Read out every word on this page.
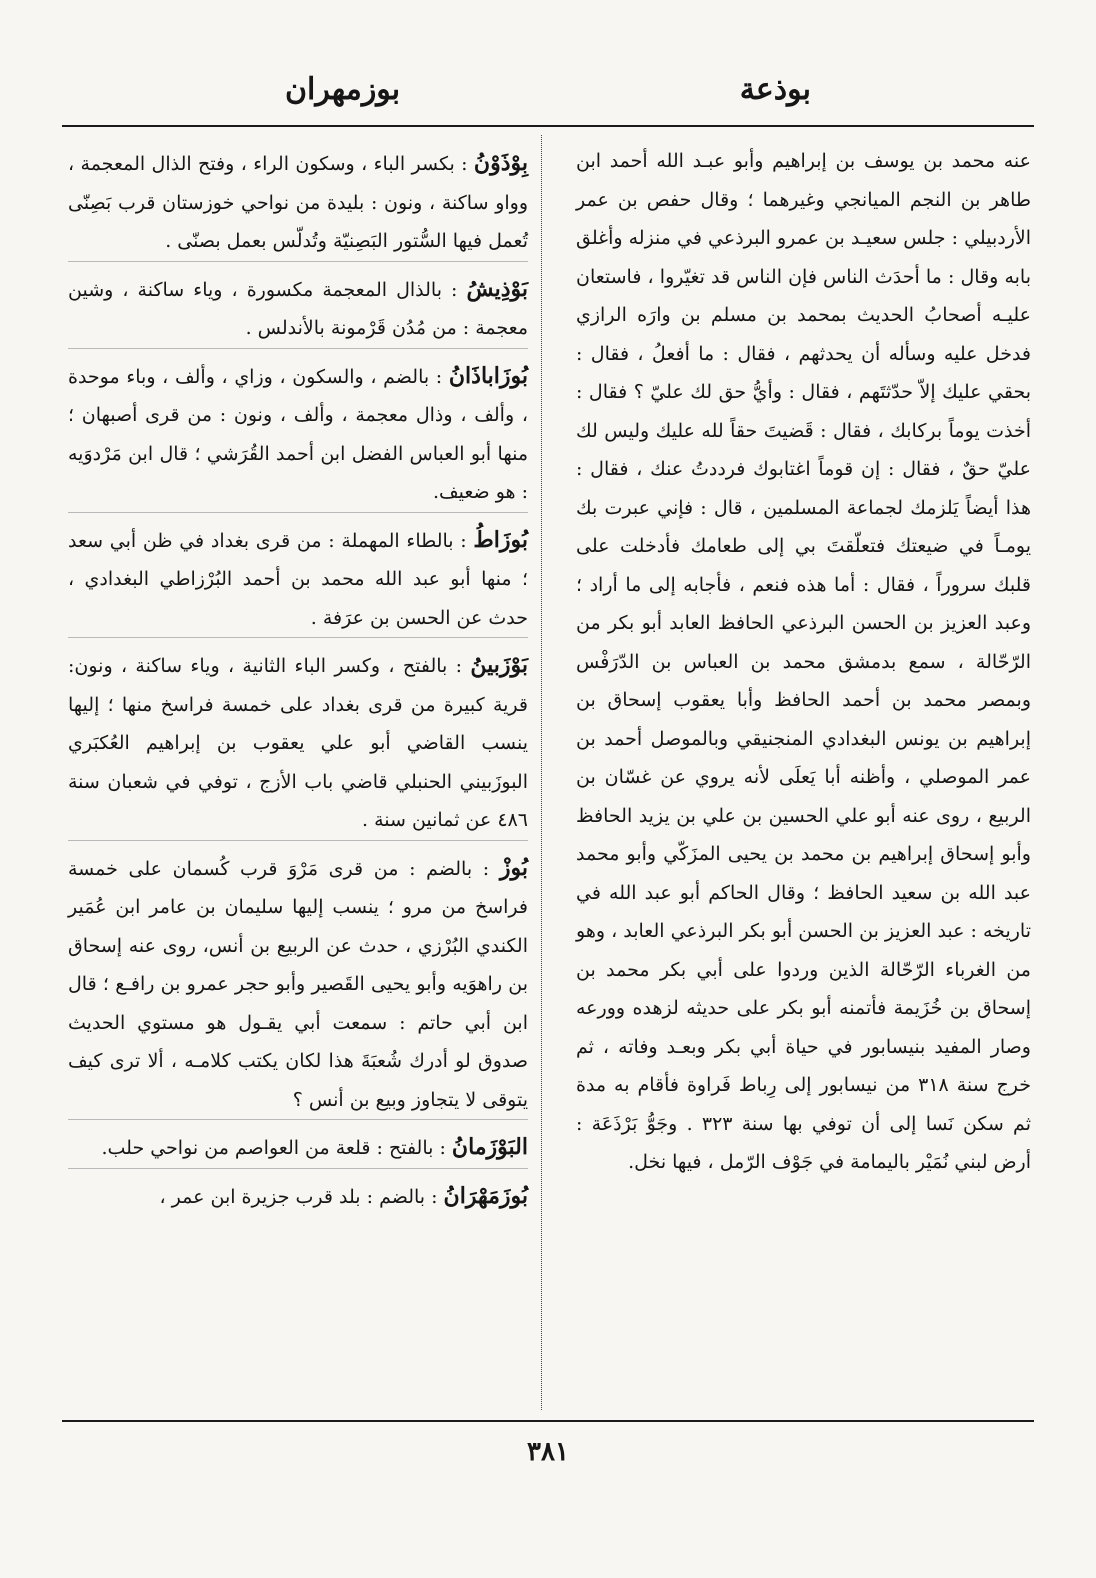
بوذعة
بوزمهران

عنه محمد بن يوسف بن إبراهيم وأبو عبـد الله أحمد ابن طاهر بن النجم الميانجي وغيرهما ؛ وقال حفص بن عمر الأردبيلي : جلس سعيـد بن عمرو البرذعي في منزله وأغلق بابه وقال : ما أحدَث الناس فإن الناس قد تغيّروا ، فاستعان عليـه أصحابُ الحديث بمحمد بن مسلم بن وارَه الرازي فدخل عليه وسأله أن يحدثهم ، فقال : ما أفعلُ ، فقال : بحقي عليك إلاّ حدّثتَهم ، فقال : وأيُّ حق لك عليّ ؟ فقال : أخذت يوماً بركابك ، فقال : قَضيتَ حقاً لله عليك وليس لك عليّ حقٌ ، فقال : إن قوماً اغتابوك فرددتُ عنك ، فقال : هذا أيضاً يَلزمك لجماعة المسلمين ، قال : فإني عبرت بك يومـاً في ضيعتك فتعلّقتَ بي إلى طعامك فأدخلت على قلبك سروراً ، فقال : أما هذه فنعم ، فأجابه إلى ما أراد ؛ وعبد العزيز بن الحسن البرذعي الحافظ العابد أبو بكر من الرّحّالة ، سمع بدمشق محمد بن العباس بن الدّرَفْس وبمصر محمد بن أحمد الحافظ وأبا يعقوب إسحاق بن إبراهيم بن يونس البغدادي المنجنيقي وبالموصل أحمد بن عمر الموصلي ، وأظنه أبا يَعلَى لأنه يروي عن غسّان بن الربيع ، روى عنه أبو علي الحسين بن علي بن يزيد الحافظ وأبو إسحاق إبراهيم بن محمد بن يحيى المزَكّي وأبو محمد عبد الله بن سعيد الحافظ ؛ وقال الحاكم أبو عبد الله في تاريخه : عبد العزيز بن الحسن أبو بكر البرذعي العابد ، وهو من الغرباء الرّحّالة الذين وردوا على أبي بكر محمد بن إسحاق بن خُزَيمة فأتمنه أبو بكر على حديثه لزهده وورعه وصار المفيد بنيسابور في حياة أبي بكر وبعـد وفاته ، ثم خرج سنة ٣١٨ من نيسابور إلى رِباط فَراوة فأقام به مدة ثم سكن نَسا إلى أن توفي بها سنة ٣٢٣ . وجَوُّ بَرْذَعَة : أرض لبني نُمَيْر باليمامة في جَوْف الرّمل ، فيها نخل.

بِوْذَوْنُ : بكسر الباء ، وسكون الراء ، وفتح الذال المعجمة ، وواو ساكنة ، ونون : بليدة من نواحي خوزستان قرب بَصِنّى تُعمل فيها السُّتور البَصِنيّة وتُدلّس بعمل بصنّى .

بَوْذِيشُ : بالذال المعجمة مكسورة ، وياء ساكنة ، وشين معجمة : من مُدُن قَرْمونة بالأندلس .

بُوزَاباذَانُ : بالضم ، والسكون ، وزاي ، وألف ، وباء موحدة ، وألف ، وذال معجمة ، وألف ، ونون : من قرى أصبهان ؛ منها أبو العباس الفضل ابن أحمد القُرَشي ؛ قال ابن مَرْدوَيه : هو ضعيف.

بُوزَاطُ : بالطاء المهملة : من قرى بغداد في ظن أبي سعد ؛ منها أبو عبد الله محمد بن أحمد البُرْزاطي البغدادي ، حدث عن الحسن بن عرَفة .

بَوْزَبينُ : بالفتح ، وكسر الباء الثانية ، وياء ساكنة ، ونون: قرية كبيرة من قرى بغداد على خمسة فراسخ منها ؛ إليها ينسب القاضي أبو علي يعقوب بن إبراهيم العُكبَري البوزَبيني الحنبلي قاضي باب الأزج ، توفي في شعبان سنة ٤٨٦ عن ثمانين سنة .

بُوزْ : بالضم : من قرى مَرْوَ قرب كُسمان على خمسة فراسخ من مرو ؛ ينسب إليها سليمان بن عامر ابن عُمَير الكندي البُرْزي ، حدث عن الربيع بن أنس، روى عنه إسحاق بن راهوَيه وأبو يحيى القَصير وأبو حجر عمرو بن رافـع ؛ قال ابن أبي حاتم : سمعت أبي يقـول هو مستوي الحديث صدوق لو أدرك شُعبَةَ هذا لكان يكتب كلامـه ، ألا ترى كيف يتوقى لا يتجاوز وبيع بن أنس ؟

البَوْزَمانُ : بالفتح : قلعة من العواصم من نواحي حلب.

بُوزَمَهْرَانُ : بالضم : بلد قرب جزيرة ابن عمر ،

٣٨١
